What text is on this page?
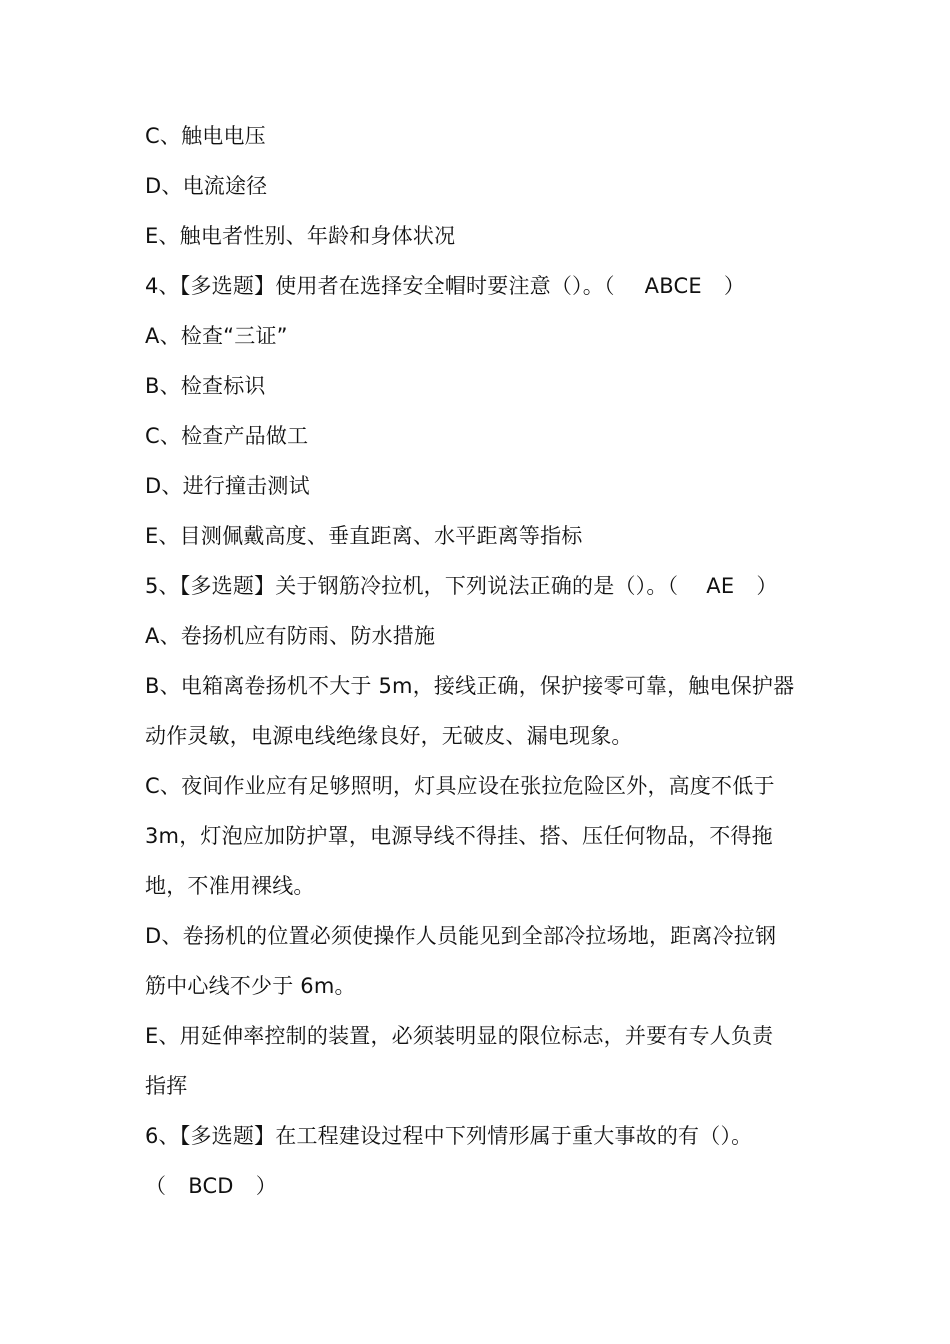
C、触电电压
D、电流途径
E、触电者性别、年龄和身体状况
4、【多选题】使用者在选择安全帽时要注意（）。（ ABCE ）
A、检查“三证”
B、检查标识
C、检查产品做工
D、进行撞击测试
E、目测佩戴高度、垂直距离、水平距离等指标
5、【多选题】关于钢筋冷拉机，下列说法正确的是（）。（ AE ）
A、卷扬机应有防雨、防水措施
B、电箱离卷扬机不大于 5m，接线正确，保护接零可靠，触电保护器
动作灵敏，电源电线绝缘良好，无破皮、漏电现象。
C、夜间作业应有足够照明，灯具应设在张拉危险区外，高度不低于
3m，灯泡应加防护罩，电源导线不得挂、搭、压任何物品，不得拖
地，不准用裸线。
D、卷扬机的位置必须使操作人员能见到全部冷拉场地，距离冷拉钢
筋中心线不少于 6m。
E、用延伸率控制的装置，必须装明显的限位标志，并要有专人负责
指挥
6、【多选题】在工程建设过程中下列情形属于重大事故的有（）。
（ BCD ）
